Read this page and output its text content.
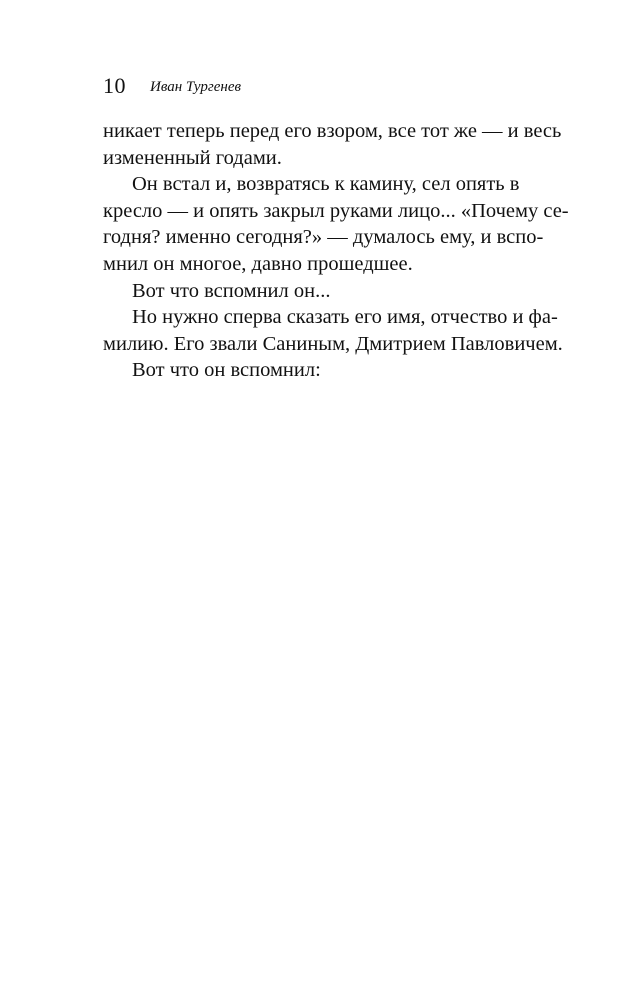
10 Иван Тургенев
никает теперь перед его взором, все тот же — и весь
измененный годами.
Он встал и, возвратясь к камину, сел опять в
кресло — и опять закрыл руками лицо... «Почему се-
годня? именно сегодня?» — думалось ему, и вспо-
мнил он многое, давно прошедшее.
Вот что вспомнил он...
Но нужно сперва сказать его имя, отчество и фа-
милию. Его звали Саниным, Дмитрием Павловичем.
Вот что он вспомнил:
